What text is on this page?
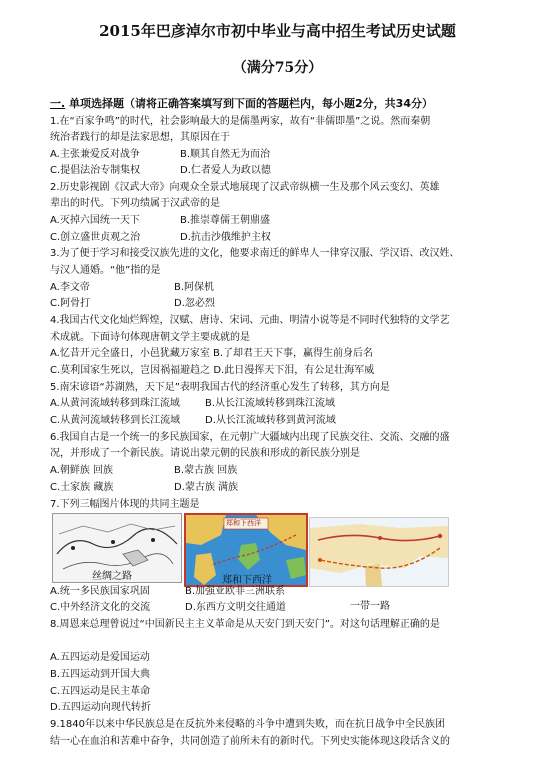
2015年巴彦淖尔市初中毕业与高中招生考试历史试题
（满分75分）
一. 单项选择题（请将正确答案填写到下面的答题栏内，每小题2分，共34分）
1.在“百家争鸣”的时代，社会影响最大的是儒墨两家，故有“非儒即墨”之说。然而秦朝
统治者践行的却是法家思想，其原因在于
A.主张兼爱反对战争	B.顺其自然无为而治
C.提倡法治专制集权	D.仁者爱人为政以德
2.历史影视剧《汉武大帝》向观众全景式地展现了汉武帝纵横一生及那个风云变幻、英雄
辈出的时代。下列功绩属于汉武帝的是
A.灭掉六国统一天下	B.推崇尊儒王朝鼎盛
C.创立盛世贞观之治	D.抗击沙俄维护主权
3.为了便于学习和接受汉族先进的文化，他要求南迁的鲜卑人一律穿汉服、学汉语、改汉姓、
与汉人通婚。“他”指的是
A.李文帝	B.阿保机
C.阿骨打	D.忽必烈
4.我国古代文化灿烂辉煌，汉赋、唐诗、宋词、元曲、明清小说等是不同时代独特的文学艺
术成就。下面诗句体现唐朝文学主要成就的是
A.忆昔开元全盛日，小邑犹藏万家室 B.了却君王天下事，赢得生前身后名
C.莫利国家生死以，岂因祸福避趋之 D.此日漫挥天下泪，有公足壮海军威
5.南宋谚语“苏湖熟，天下足”表明我国古代的经济重心发生了转移，其方向是
A.从黄河流域转移到珠江流域	B.从长江流域转移到珠江流域
C.从黄河流域转移到长江流域 D.从长江流域转移到黄河流域
6.我国自古是一个统一的多民族国家，在元朝广大疆域内出现了民族交往、交流、交融的盛
况，并形成了一个新民族。请说出蒙元朝的民族和形成的新民族分别是
A.朝鲜族 回族	B.蒙古族 回族
C.土家族 藏族	D.蒙古族 满族
7.下列三幅图片体现的共同主题是
丝绸之路
郑和下西洋
郑和下西洋
一带一路
A.统一多民族国家巩固	B.加强亚欧非三洲联系
C.中外经济文化的交流	D.东西方文明交往通道
8.周恩来总理曾说过“中国新民主主义革命是从天安门到天安门”。对这句话理解正确的是
A.五四运动是爱国运动
B.五四运动到开国大典
C.五四运动是民主革命
D.五四运动向现代转折
9.1840年以来中华民族总是在反抗外来侵略的斗争中遭到失败，而在抗日战争中全民族团
结一心在血泊和苦难中奋争，共同创造了前所未有的新时代。下列史实能体现这段话含义的
